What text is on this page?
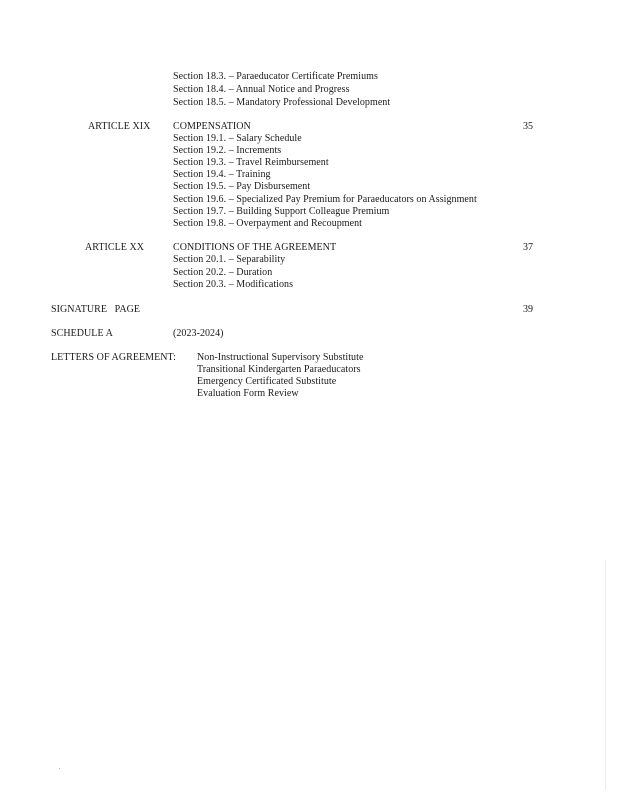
Section 18.3. – Paraeducator Certificate Premiums
Section 18.4. – Annual Notice and Progress
Section 18.5. – Mandatory Professional Development
ARTICLE XIX COMPENSATION	35
Section 19.1. – Salary Schedule
Section 19.2. – Increments
Section 19.3. – Travel Reimbursement
Section 19.4. – Training
Section 19.5. – Pay Disbursement
Section 19.6. – Specialized Pay Premium for Paraeducators on Assignment
Section 19.7. – Building Support Colleague Premium
Section 19.8. – Overpayment and Recoupment
ARTICLE XX	CONDITIONS OF THE AGREEMENT	37
Section 20.1. – Separability
Section 20.2. – Duration
Section 20.3. – Modifications
SIGNATURE   PAGE	39
SCHEDULE A	(2023-2024)
LETTERS OF AGREEMENT: Non-Instructional Supervisory Substitute
Transitional Kindergarten Paraeducators
Emergency Certificated Substitute
Evaluation Form Review
